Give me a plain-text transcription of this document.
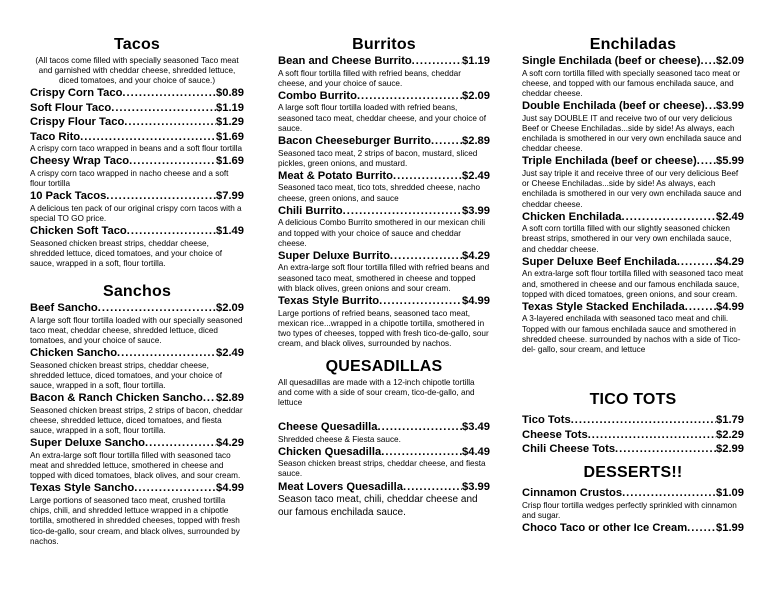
Tacos
(All tacos come filled with specially seasoned Taco meat and garnished with cheddar cheese, shredded lettuce, diced tomatoes, and your choice of sauce.)
Crispy Corn Taco .....	$0.89
Soft Flour Taco .....	$1.19
Crispy Flour Taco .....	$1.29
Taco Rito .....	$1.69
A crispy corn taco wrapped in beans and a soft flour tortilla
Cheesy Wrap Taco .....	$1.69
A crispy corn taco wrapped in nacho cheese and a soft flour tortilla
10 Pack Tacos .....	$7.99
A delicious ten pack of our original crispy corn tacos with a special TO GO price.
Chicken Soft Taco .....	$1.49
Seasoned chicken breast strips, cheddar cheese, shredded lettuce, diced tomatoes, and your choice of sauce, wrapped in a soft, flour tortilla.
Sanchos
Beef Sancho .....	$2.09
A large soft flour tortilla loaded with our specially seasoned taco meat, cheddar cheese, shredded lettuce, diced tomatoes, and your choice of sauce.
Chicken Sancho .....	$2.49
Seasoned chicken breast strips, cheddar cheese, shredded lettuce, diced tomatoes, and your choice of sauce, wrapped in a soft, flour tortilla.
Bacon & Ranch Chicken Sancho ..... $2.89
Seasoned chicken breast strips, 2 strips of bacon, cheddar cheese, shredded lettuce, diced tomatoes, and fiesta sauce, wrapped in a soft, flour tortilla.
Super Deluxe Sancho .....	$4.29
An extra-large soft flour tortilla filled with seasoned taco meat and shredded lettuce, smothered in cheese and topped with diced tomatoes, black olives, and sour cream.
Texas Style Sancho .....	$4.99
Large portions of seasoned taco meat, crushed tortilla chips, chili, and shredded lettuce wrapped in a chipotle tortilla, smothered in shredded cheeses, topped with fresh tico-de-gallo, sour cream, and black olives, surrounded by nachos.
Burritos
Bean and Cheese Burrito .....	$1.19
A soft flour tortilla filled with refried beans, cheddar cheese, and your choice of sauce.
Combo Burrito .....	$2.09
A large soft flour tortilla loaded with refried beans, seasoned taco meat, cheddar cheese, and your choice of sauce.
Bacon Cheeseburger Burrito .....	$2.89
Seasoned taco meat, 2 strips of bacon, mustard, sliced pickles, green onions, and mustard.
Meat & Potato Burrito .....	$2.49
Seasoned taco meat, tico tots, shredded cheese, nacho cheese, green onions, and sauce
Chili Burrito .....	$3.99
A delicious Combo Burrito smothered in our mexican chili and topped with your choice of sauce and cheddar cheese.
Super Deluxe Burrito .....	$4.29
An extra-large soft flour tortilla filled with refried beans and seasoned taco meat, smothered in cheese and topped with black olives, green onions and sour cream.
Texas Style Burrito .....	$4.99
Large portions of refried beans, seasoned taco meat, mexican rice...wrapped in a chipotle tortilla, smothered in two types of cheeses, topped with fresh tico-de-gallo, sour cream, and black olives, surrounded by nachos.
QUESADILLAS
All quesadillas are made with a 12-inch chipotle tortilla and come with a side of sour cream, tico-de-gallo, and lettuce
Cheese Quesadilla .....	$3.49
Shredded cheese & Fiesta sauce.
Chicken Quesadilla .....	$4.49
Season chicken breast strips, cheddar cheese, and fiesta sauce.
Meat Lovers Quesadilla .....	$3.99
Season taco meat, chili, cheddar cheese and our famous enchilada sauce.
Enchiladas
Single Enchilada (beef or cheese) ..... $2.09
A soft corn tortilla filled with specially seasoned taco meat or cheese, and topped with our famous enchilada sauce, and cheddar cheese.
Double Enchilada (beef or cheese) ..... $3.99
Just say DOUBLE IT and receive two of our very delicious Beef or Cheese Enchiladas...side by side! As always, each enchilada is smothered in our very own enchilada sauce and cheddar cheese.
Triple Enchilada (beef or cheese) ..... $5.99
Just say triple it and receive three of our very delicious Beef or Cheese Enchiladas...side by side! As always, each enchilada is smothered in our very own enchilada sauce and cheddar cheese.
Chicken Enchilada .....	$2.49
A soft corn tortilla filled with our slightly seasoned chicken breast strips, smothered in our very own enchilada sauce, and cheddar cheese.
Super Deluxe Beef Enchilada .....	$4.29
An extra-large soft flour tortilla filled with seasoned taco meat and, smothered in cheese and our famous enchilada sauce, topped with diced tomatoes, green onions, and sour cream.
Texas Style Stacked Enchilada .....	$4.99
A 3-layered enchilada with seasoned taco meat and chili. Topped with our famous enchilada sauce and smothered in shredded cheese. surrounded by nachos with a side of Tico-del- gallo, sour cream, and lettuce
TICO TOTS
Tico Tots .....	$1.79
Cheese Tots .....	$2.29
Chili Cheese Tots .....	$2.99
DESSERTS!!
Cinnamon Crustos .....	$1.09
Crisp flour tortilla wedges perfectly sprinkled with cinnamon and sugar.
Choco Taco or other Ice Cream .....	$1.99
